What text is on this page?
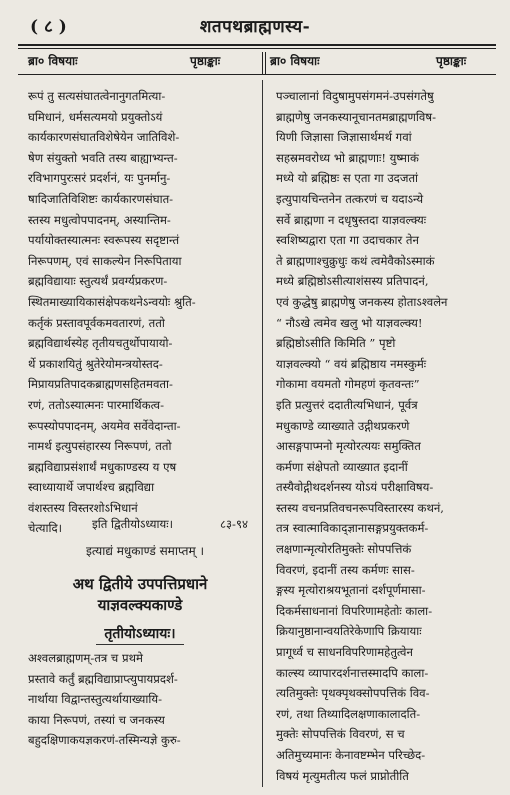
( ८ )	शतपथब्राह्मणस्य-
ब्रा० विषयाः	पृष्ठाङ्काः	ब्रा० विषयाः	पृष्ठाङ्काः
रूपं तु सत्यसंघातत्वेनानुगतमित्या-
घमिधानं, धर्मसत्यमयो प्रयुक्तोऽयं
कार्यकारणसंघातविशेषेयेन जातिविशे-
षेण संयुक्तो भवति तस्य बाह्याभ्यन्त-
रविभागपुरःसरं प्रदर्शनं, यः पुनर्मानु-
षादिजातिविशिष्टः कार्यकारणसंघात-
स्तस्य मधुत्वोपपादनम्, अस्यान्तिम-
पर्यायोक्तस्यात्मनः स्वरूपस्य सदृष्टान्तं
निरूपणम्, एवं साकल्येन निरूपिताया
ब्रह्मविद्यायाः स्तुत्यर्थं प्रवर्ग्यप्रकरण-
स्थितमाख्यायिकासंक्षेपकथनेऽन्वयोः श्रुति-
कर्तृकं प्रस्तावपूर्वकमवतारणं, ततो
ब्रह्मविद्यार्थस्येह तृतीयचतुर्थोपायायो-
र्थे प्रकाशयितुं श्रुतेरेयोमन्त्रयोस्तद-
मिप्रायप्रतिपादकब्राह्मणसहितमवता-
रणं, ततोऽस्यात्मनः पारमार्थिकत्व-
रूपस्योपपादनम्, अयमेव सर्वेवेदान्ता-
नामर्थ इत्युपसंहारस्य निरूपणं, ततो
ब्रह्मविद्याप्रसंशार्थं मधुकाण्डस्य य एष
स्वाध्यायार्थे जपार्थश्च ब्रह्मविद्या
वंशस्तस्य विस्तरशोऽभिधानं
चेत्यादि।	इति द्वितीयोऽध्यायः।	८३-९४
इत्याद्यं मधुकाण्डं समाप्तम् ।
अथ द्वितीये उपपत्तिप्रधाने
याज्ञवल्क्यकाण्डे
तृतीयोऽध्यायः।
अश्वलब्राह्मणम्-तत्र च प्रथमे
प्रस्तावे कर्तुं ब्रह्मविद्याप्राप्त्युपायप्रदर्श-
नार्थाया विद्वान्तस्तुत्यर्थायाख्यायि-
काया निरूपणं, तस्यां च जनकस्य
बहुदक्षिणाकयज्ञकरणं-तस्मिन्यज्ञे कुरु-
पञ्चालानां विदुषामुपसंगमनं-उपसंगतेषु
ब्राह्मणेषु जनकस्यानूचानतमब्राह्मणविष-
यिणी जिज्ञासा जिज्ञासार्थमर्थ गवां
सहस्रमवरोध्य भो ब्राह्मणाः! युष्माकं
मध्ये यो ब्रह्मिष्ठः स एता गा उदजतां
इत्युपायचिन्तनेन तत्करणं च यदाऽन्ये
सर्वे ब्राह्मणा न दधृषुस्तदा याज्ञवल्क्यः
स्वशिष्यद्वारा एता गा उदाचकार तेन
ते ब्राह्मणाश्चुक्रुधुः कथं त्वमेवैकोऽस्माकं
मध्ये ब्रह्मिष्ठोऽसीत्याशंसस्य प्रतिपादनं,
एवं कुद्धेषु ब्राह्मणेषु जनकस्य होताऽश्वलेन
“ नौऽखे त्वमेव खलु भो याज्ञवल्क्य!
ब्रह्मिष्ठोऽसीति किमिति ” पृष्टो
याज्ञवल्क्यो “ वयं ब्रह्मिष्ठाय नमस्कुर्मः
गोकामा वयमतो गोमहणं कृतवन्तः”
इति प्रत्युत्तरं ददातीत्यभिधानं, पूर्वत्र
मधुकाण्डे व्याख्याते उद्गीथप्रकरणे
आसङ्गपाप्मनो मृत्योरत्ययः समुक्तित
कर्मणा संक्षेपतो व्याख्यात इदानीं
तस्यैवोद्गीथदर्शनस्य योऽयं परीक्षाविषय-
स्तस्य वचनप्रतिवचनरूपविस्तारस्य कथनं,
तत्र स्वात्माविकाद्ज्ञानासङ्गप्रयुक्तकर्म-
लक्षणान्मृत्योरतिमुक्तेः सोपपत्तिकं
विवरणं, इदानीं तस्य कर्मणः सास-
ङ्गस्य मृत्योराश्रयभूतानां दर्शपूर्णमासा-
दिकर्मसाधनानां विपरिणामहेतोः काला-
क्रियानुष्ठानान्वयतिरेकेणापि क्रियायाः
प्रागूर्ध्व च साधनविपरिणामहेतुत्वेन
काल्स्य व्यापारदर्शनात्तस्मादपि काला-
त्यतिमुक्तेः पृथक्पृथक्सोपपत्तिकं विव-
रणं, तथा तिथ्यादिलक्षणाकालादति-
मुक्तेः सोपपत्तिकं विवरणं, स च
अतिमुच्यमानः केनावष्टम्भेन परिच्छेद-
विषयं मृत्युमतीत्य फलं प्राप्नोतीति
